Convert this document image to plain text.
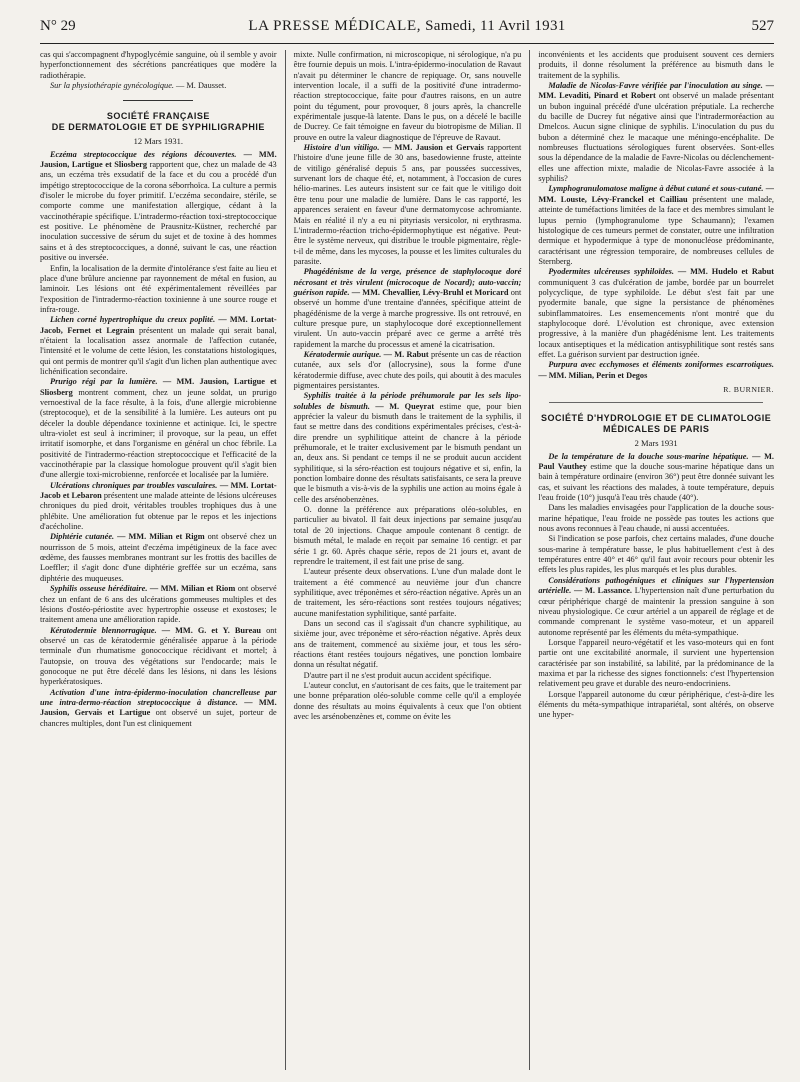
N° 29	LA PRESSE MÉDICALE, Samedi, 11 Avril 1931	527

cas qui s'accompagnent d'hypoglycémie sanguine, où il semble y avoir hyperfonctionnement des sécrétions pancréatiques que modère la radiothérapie.

Sur la physiothérapie gynécologique. — M. Dausset.

SOCIÉTÉ FRANÇAISE
DE DERMATOLOGIE ET DE SYPHILIGRAPHIE
12 Mars 1931.

Eczéma streptococcique des régions découvertes. — MM. Jausion, Lartigue et Sliosberg rapportent que, chez un malade de 43 ans, un eczéma très exsudatif de la face et du cou a procédé d'un impétigo streptococcique de la corona séborrhoïca. La culture a permis d'isoler le microbe du foyer primitif. L'eczéma secondaire, stérile, se comporte comme une manifestation allergique, cédant à la vaccinothérapie spécifique. L'intradermo-réaction toxi-streptococcique est positive. Le phénomène de Prausnitz-Küstner, recherché par inoculation successive de sérum du sujet et de toxine à des hommes sains et à des streptococciques, a donné, suivant le cas, une réaction positive ou inversée.

Enfin, la localisation de la dermite d'intolérance s'est faite au lieu et place d'une brûlure ancienne par rayonnement de métal en fusion, au laminoir. Les lésions ont été expérimentalement réveillées par l'exposition de l'intradermo-réaction toxinienne à une source rouge et infra-rouge.

Lichen corné hypertrophique du creux poplité. — MM. Lortat-Jacob, Fernet et Legrain présentent un malade qui serait banal, n'étaient la localisation assez anormale de l'affection cutanée, l'intensité et le volume de cette lésion, les constatations histologiques, qui ont permis de montrer qu'il s'agit d'un lichen plan authentique avec lichénification secondaire.

Prurigo régi par la lumière. — MM. Jausion, Lartigue et Sliosberg montrent comment, chez un jeune soldat, un prurigo vernoestival de la face résulte, à la fois, d'une allergie microbienne (streptocoque), et de la sensibilité à la lumière. Les auteurs ont pu déceler la double dépendance toxinienne et actinique. Ici, le spectre ultra-violet est seul à incriminer; il provoque, sur la peau, un effet irritatif isomorphe, et dans l'organisme en général un choc fébrile. La positivité de l'intradermo-réaction streptococcique et l'efficacité de la vaccinothérapie par la classique homologue prouvent qu'il s'agit bien d'une allergie toxi-microbienne, renforcée et localisée par la lumière.

Ulcérations chroniques par troubles vasculaires. — MM. Lortat-Jacob et Lebaron présentent une malade atteinte de lésions ulcéreuses chroniques du pied droit, véritables troubles trophiques dus à une phlébite. Une amélioration fut obtenue par le repos et les injections d'acécholine.

Diphtérie cutanée. — MM. Milian et Rigm ont observé chez un nourrisson de 5 mois, atteint d'eczéma impétigineux de la face avec œdème, des fausses membranes montrant sur les frottis des bacilles de Loeffler; il s'agit donc d'une diphtérie greffée sur un eczéma, sans diphtérie des muqueuses.

Syphilis osseuse héréditaire. — MM. Milian et Riom ont observé chez un enfant de 6 ans des ulcérations gommeuses multiples et des lésions d'ostéo-périostite avec hypertrophie osseuse et exostoses; le traitement amena une amélioration rapide.

Kératodermie blennorragique. — MM. G. et Y. Bureau ont observé un cas de kératodermie généralisée apparue à la période terminale d'un rhumatisme gonococcique récidivant et mortel; à l'autopsie, on trouva des végétations sur l'endocarde; mais le gonocoque ne put être décelé dans les lésions, ni dans les lésions hyperkératosiques.

Activation d'une intra-épidermo-inoculation chancrelleuse par une intra-dermo-réaction streptococcique à distance. — MM. Jausion, Gervais et Lartigue ont observé un sujet, porteur de chancres multiples, dont l'un est cliniquement

mixte. Nulle confirmation, ni microscopique, ni sérologique, n'a pu être fournie depuis un mois. L'intra-épidermo-inoculation de Ravaut n'avait pu déterminer le chancre de repiquage. Or, sans nouvelle intervention locale, il a suffi de la positivité d'une intradermo-réaction streptococcique, faite pour d'autres raisons, en un autre point du tégument, pour provoquer, 8 jours après, la chancrelle expérimentale jusque-là latente. Dans le pus, on a décelé le bacille de Ducrey. Ce fait témoigne en faveur du biotropisme de Milian. Il prouve en outre la valeur diagnostique de l'épreuve de Ravaut.

Histoire d'un vitiligo. — MM. Jausion et Gervais rapportent l'histoire d'une jeune fille de 30 ans, basedowienne fruste, atteinte de vitiligo généralisé depuis 5 ans, par poussées successives, survenant lors de chaque été, et, notamment, à l'occasion de cures hélio-marines. Les auteurs insistent sur ce fait que le vitiligo doit être tenu pour une maladie de lumière. Dans le cas rapporté, les apparences seraient en faveur d'une dermatomycose achromiante. Mais en réalité il n'y a eu ni pityriasis versicolor, ni erythrasma. L'intradermo-réaction tricho-épidermophytique est négative. Peut-être le système nerveux, qui distribue le trouble pigmentaire, règle-t-il de même, dans les mycoses, la pousse et les limites culturales du parasite.

Phagédénisme de la verge, présence de staphylocoque doré nécrosant et très virulent (microcoque de Nocard); auto-vaccin; guérison rapide. — MM. Chevallier, Lévy-Bruhl et Moricard ont observé un homme d'une trentaine d'années, spécifique atteint de phagédénisme de la verge à marche progressive. Ils ont retrouvé, en culture presque pure, un staphylocoque doré exceptionnellement virulent. Un auto-vaccin préparé avec ce germe a arrêté très rapidement la marche du processus et amené la cicatrisation.

Kératodermie aurique. — M. Rabut présente un cas de réaction cutanée, aux sels d'or (allocrysine), sous la forme d'une kératodermie diffuse, avec chute des poils, qui aboutit à des macules pigmentaires persistantes.

Syphilis traitée à la période préhumorale par les sels lipo-solubles de bismuth. — M. Queyrat estime que, pour bien apprécier la valeur du bismuth dans le traitement de la syphilis, il faut se mettre dans des conditions expérimentales précises, c'est-à-dire prendre un syphilitique atteint de chancre à la période préhumorale, et le traiter exclusivement par le bismuth pendant un an, deux ans. Si pendant ce temps il ne se produit aucun accident syphilitique, si la séro-réaction est toujours négative et si, enfin, la ponction lombaire donne des résultats satisfaisants, ce sera la preuve que le bismuth a vis-à-vis de la syphilis une action au moins égale à celle des arsénobenzènes.

O. donne la préférence aux préparations oléo-solubles, en particulier au bivatol. Il fait deux injections par semaine jusqu'au total de 20 injections. Chaque ampoule contenant 8 centigr. de bismuth métal, le malade en reçoit par semaine 16 centigr. et par série 1 gr. 60. Après chaque série, repos de 21 jours et, avant de reprendre le traitement, il est fait une prise de sang.

L'auteur présente deux observations. L'une d'un malade dont le traitement a été commencé au neuvième jour d'un chancre syphilitique, avec tréponèmes et séro-réaction négative. Après un an de traitement, les séro-réactions sont restées toujours négatives; aucune manifestation syphilitique, santé parfaite.

Dans un second cas il s'agissait d'un chancre syphilitique, au sixième jour, avec tréponème et séro-réaction négative. Après deux ans de traitement, commencé au sixième jour, et tous les séro-réactions étant restées toujours négatives, une ponction lombaire donna un résultat négatif.

D'autre part il ne s'est produit aucun accident spécifique.

L'auteur conclut, en s'autorisant de ces faits, que le traitement par une bonne préparation oléo-soluble comme celle qu'il a employée donne des résultats au moins équivalents à ceux que l'on obtient avec les arsénobenzènes et, comme on évite les

inconvénients et les accidents que produisent souvent ces derniers produits, il donne résolument la préférence au bismuth dans le traitement de la syphilis.

Maladie de Nicolas-Favre vérifiée par l'inoculation au singe. — MM. Levaditi, Pinard et Robert ont observé un malade présentant un bubon inguinal précédé d'une ulcération préputiale. La recherche du bacille de Ducrey fut négative ainsi que l'intradermoréaction au Dmelcos. Aucun signe clinique de syphilis. L'inoculation du pus du bubon a déterminé chez le macaque une méningo-encéphalite. De nombreuses fluctuations sérologiques furent observées. Sont-elles sous la dépendance de la maladie de Favre-Nicolas ou déclenchement-elles une affection mixte, maladie de Nicolas-Favre associée à la syphilis?

Lymphogranulomatose maligne à début cutané et sous-cutané. — MM. Louste, Lévy-Franckel et Cailliau présentent une malade, atteinte de tuméfactions limitées de la face et des membres simulant le lupus pernio (lymphogranulome type Schaumann); l'examen histologique de ces tumeurs permet de constater, outre une infiltration dermique et hypodermique à type de mononucléose prédominante, caractérisant une régression temporaire, de nombreuses cellules de Sternberg.

Pyodermites ulcéreuses syphiloïdes. — MM. Hudelo et Rabut communiquent 3 cas d'ulcération de jambe, bordée par un bourrelet polycyclique, de type syphiloïde. Le début s'est fait par une pyodermite banale, que signe la persistance de phénomènes subinflammatoires. Les ensemencements n'ont montré que du staphylocoque doré. L'évolution est chronique, avec extension progressive, à la manière d'un phagédénisme lent. Les traitements locaux antiseptiques et la médication antisyphilitique sont restés sans effet. La guérison survient par destruction ignée.

Purpura avec ecchymoses et éléments zoniformes escarrotiques. — MM. Milian, Perin et Degos

R. BURNIER.
SOCIÉTÉ D'HYDROLOGIE ET DE CLIMATOLOGIE
MÉDICALES DE PARIS
2 Mars 1931

De la température de la douche sous-marine hépatique. — M. Paul Vauthey estime que la douche sous-marine hépatique dans un bain à température ordinaire (environ 36°) peut être donnée suivant les cas, et suivant les réactions des malades, à toute température, depuis l'eau froide (10°) jusqu'à l'eau très chaude (40°).

Dans les maladies envisagées pour l'application de la douche sous-marine hépatique, l'eau froide ne possède pas toutes les actions que nous avons reconnues à l'eau chaude, ni aussi accentuées.

Si l'indication se pose parfois, chez certains malades, d'une douche sous-marine à température basse, le plus habituellement c'est à des températures entre 40° et 46° qu'il faut avoir recours pour obtenir les effets les plus rapides, les plus marqués et les plus durables.

Considérations pathogéniques et cliniques sur l'hypertension artérielle. — M. Lassance. L'hypertension naît d'une perturbation du cœur périphérique chargé de maintenir la pression sanguine à son niveau physiologique. Ce cœur artériel a un appareil de réglage et de commande comprenant le système vaso-moteur, et un appareil autonome représenté par les éléments du méta-sympathique.

Lorsque l'appareil neuro-végétatif et les vaso-moteurs qui en font partie ont une excitabilité anormale, il survient une hypertension caractérisée par son instabilité, sa labilité, par la prédominance de la maxima et par la richesse des signes fonctionnels: c'est l'hypertension relativement peu grave et durable des neuro-endocriniens.

Lorsque l'appareil autonome du cœur périphérique, c'est-à-dire les éléments du méta-sympathique intrapariétal, sont altérés, on observe une hyper-
